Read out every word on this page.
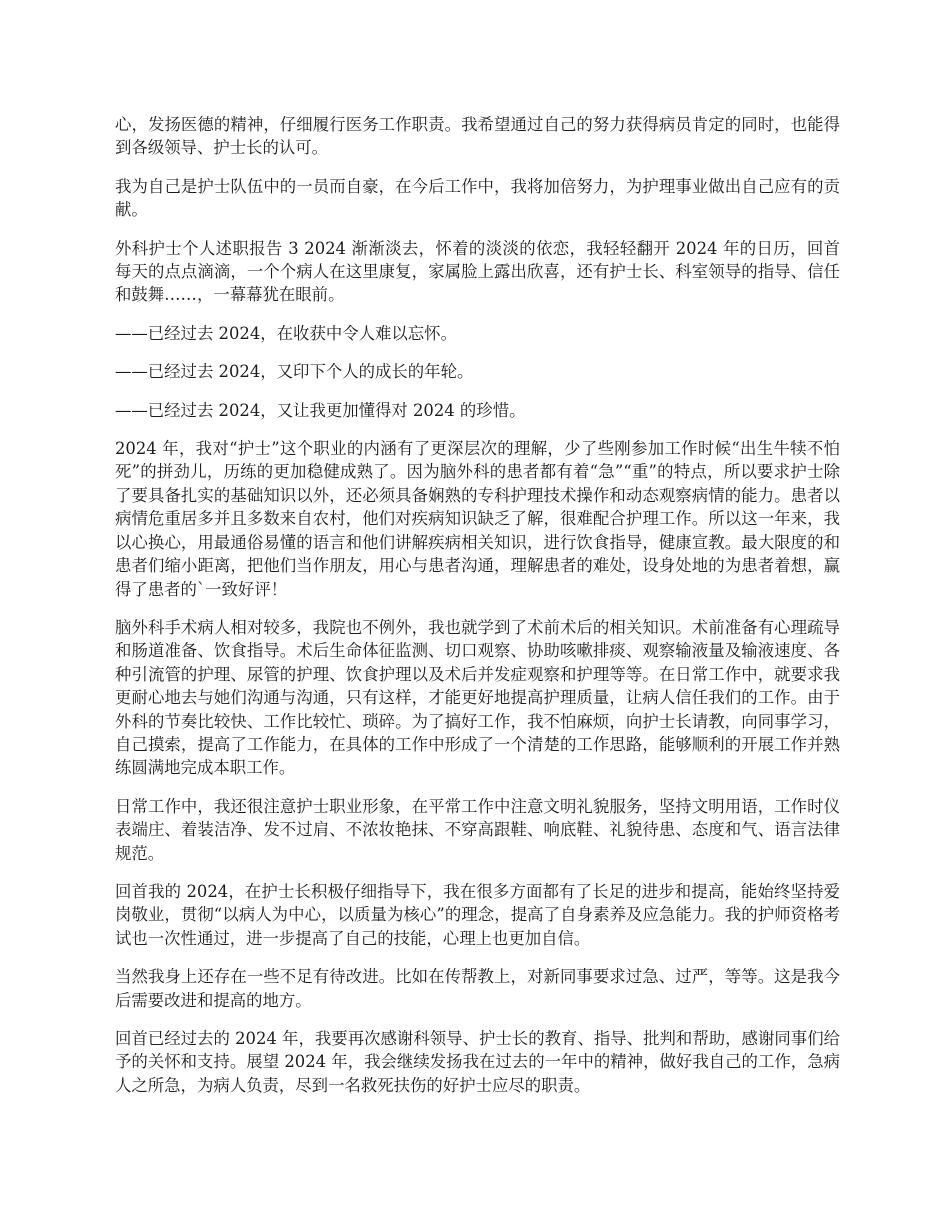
心，发扬医德的精神，仔细履行医务工作职责。我希望通过自己的努力获得病员肯定的同时，也能得到各级领导、护士长的认可。

我为自己是护士队伍中的一员而自豪，在今后工作中，我将加倍努力，为护理事业做出自己应有的贡献。

外科护士个人述职报告 3 2024 渐渐淡去，怀着的淡淡的依恋，我轻轻翻开 2024 年的日历，回首每天的点点滴滴，一个个病人在这里康复，家属脸上露出欣喜，还有护士长、科室领导的指导、信任和鼓舞……，一幕幕犹在眼前。

——已经过去 2024，在收获中令人难以忘怀。

——已经过去 2024，又印下个人的成长的年轮。

——已经过去 2024，又让我更加懂得对 2024 的珍惜。

2024 年，我对“护士”这个职业的内涵有了更深层次的理解，少了些刚参加工作时候“出生牛犊不怕死”的拼劲儿，历练的更加稳健成熟了。因为脑外科的患者都有着“急”“重”的特点，所以要求护士除了要具备扎实的基础知识以外，还必须具备娴熟的专科护理技术操作和动态观察病情的能力。患者以病情危重居多并且多数来自农村，他们对疾病知识缺乏了解，很难配合护理工作。所以这一年来，我以心换心，用最通俗易懂的语言和他们讲解疾病相关知识，进行饮食指导，健康宣教。最大限度的和患者们缩小距离，把他们当作朋友，用心与患者沟通，理解患者的难处，设身处地的为患者着想，赢得了患者的`一致好评！

脑外科手术病人相对较多，我院也不例外，我也就学到了术前术后的相关知识。术前准备有心理疏导和肠道准备、饮食指导。术后生命体征监测、切口观察、协助咳嗽排痰、观察输液量及输液速度、各种引流管的护理、尿管的护理、饮食护理以及术后并发症观察和护理等等。在日常工作中，就要求我更耐心地去与她们沟通与沟通，只有这样，才能更好地提高护理质量，让病人信任我们的工作。由于外科的节奏比较快、工作比较忙、琐碎。为了搞好工作，我不怕麻烦，向护士长请教，向同事学习，自己摸索，提高了工作能力，在具体的工作中形成了一个清楚的工作思路，能够顺利的开展工作并熟练圆满地完成本职工作。

日常工作中，我还很注意护士职业形象，在平常工作中注意文明礼貌服务，坚持文明用语，工作时仪表端庄、着装洁净、发不过肩、不浓妆艳抹、不穿高跟鞋、响底鞋、礼貌待患、态度和气、语言法律规范。

回首我的 2024，在护士长积极仔细指导下，我在很多方面都有了长足的进步和提高，能始终坚持爱岗敬业，贯彻“以病人为中心，以质量为核心”的理念，提高了自身素养及应急能力。我的护师资格考试也一次性通过，进一步提高了自己的技能，心理上也更加自信。

当然我身上还存在一些不足有待改进。比如在传帮教上，对新同事要求过急、过严，等等。这是我今后需要改进和提高的地方。

回首已经过去的 2024 年，我要再次感谢科领导、护士长的教育、指导、批判和帮助，感谢同事们给予的关怀和支持。展望 2024 年，我会继续发扬我在过去的一年中的精神，做好我自己的工作，急病人之所急，为病人负责，尽到一名救死扶伤的好护士应尽的职责。
